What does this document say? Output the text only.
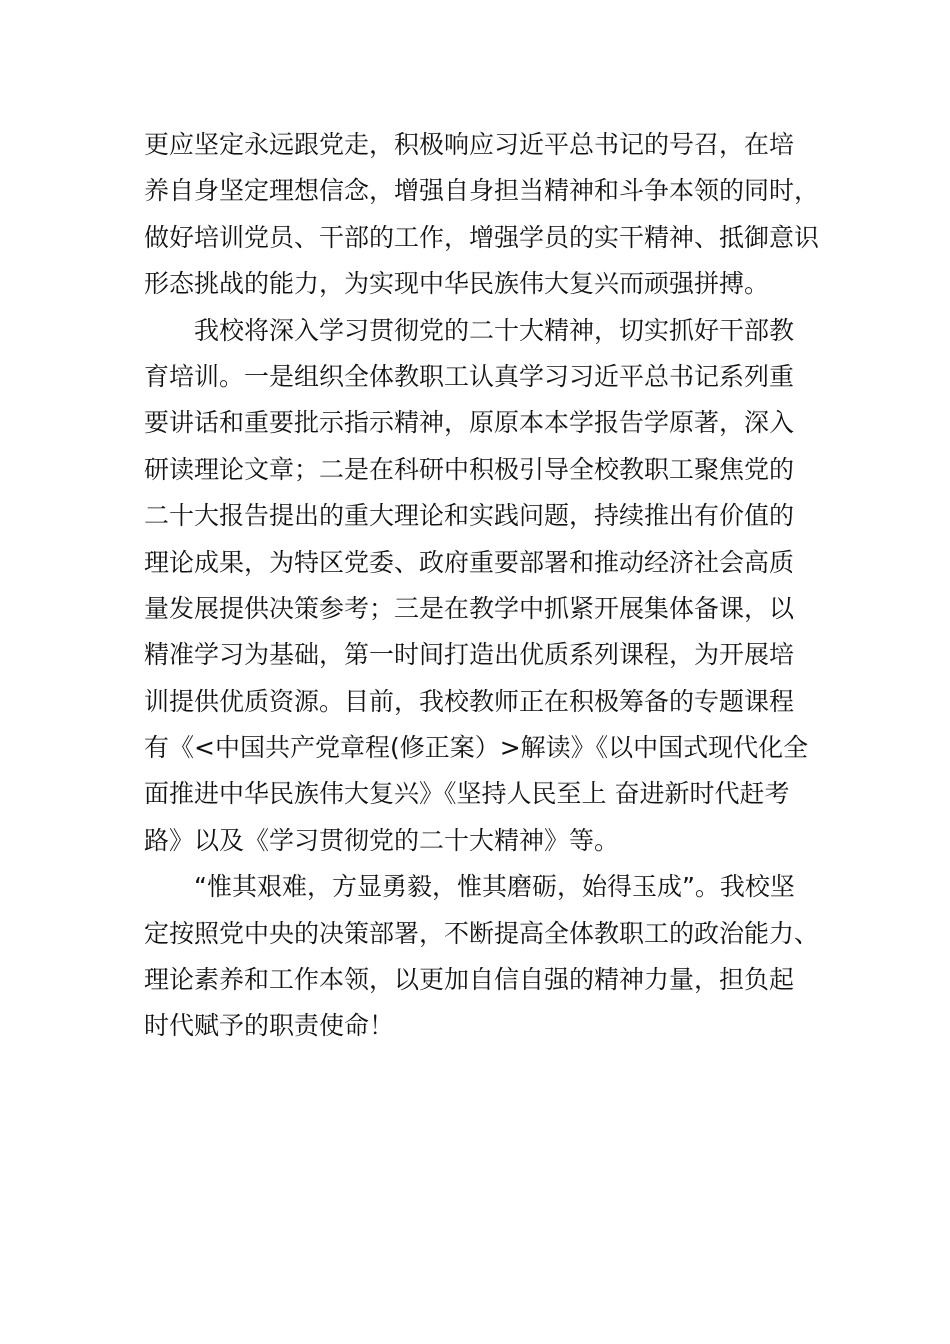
更应坚定永远跟党走，积极响应习近平总书记的号召，在培
养自身坚定理想信念，增强自身担当精神和斗争本领的同时，
做好培训党员、干部的工作，增强学员的实干精神、抵御意识
形态挑战的能力，为实现中华民族伟大复兴而顽强拼搏。
我校将深入学习贯彻党的二十大精神，切实抓好干部教
育培训。一是组织全体教职工认真学习习近平总书记系列重
要讲话和重要批示指示精神，原原本本学报告学原著，深入
研读理论文章；二是在科研中积极引导全校教职工聚焦党的
二十大报告提出的重大理论和实践问题，持续推出有价值的
理论成果，为特区党委、政府重要部署和推动经济社会高质
量发展提供决策参考；三是在教学中抓紧开展集体备课，以
精准学习为基础，第一时间打造出优质系列课程，为开展培
训提供优质资源。目前，我校教师正在积极筹备的专题课程
有《<中国共产党章程(修正案）>解读》《以中国式现代化全
面推进中华民族伟大复兴》《坚持人民至上 奋进新时代赶考
路》以及《学习贯彻党的二十大精神》等。
“惟其艰难，方显勇毅，惟其磨砺，始得玉成”。我校坚
定按照党中央的决策部署，不断提高全体教职工的政治能力、
理论素养和工作本领，以更加自信自强的精神力量，担负起
时代赋予的职责使命！
